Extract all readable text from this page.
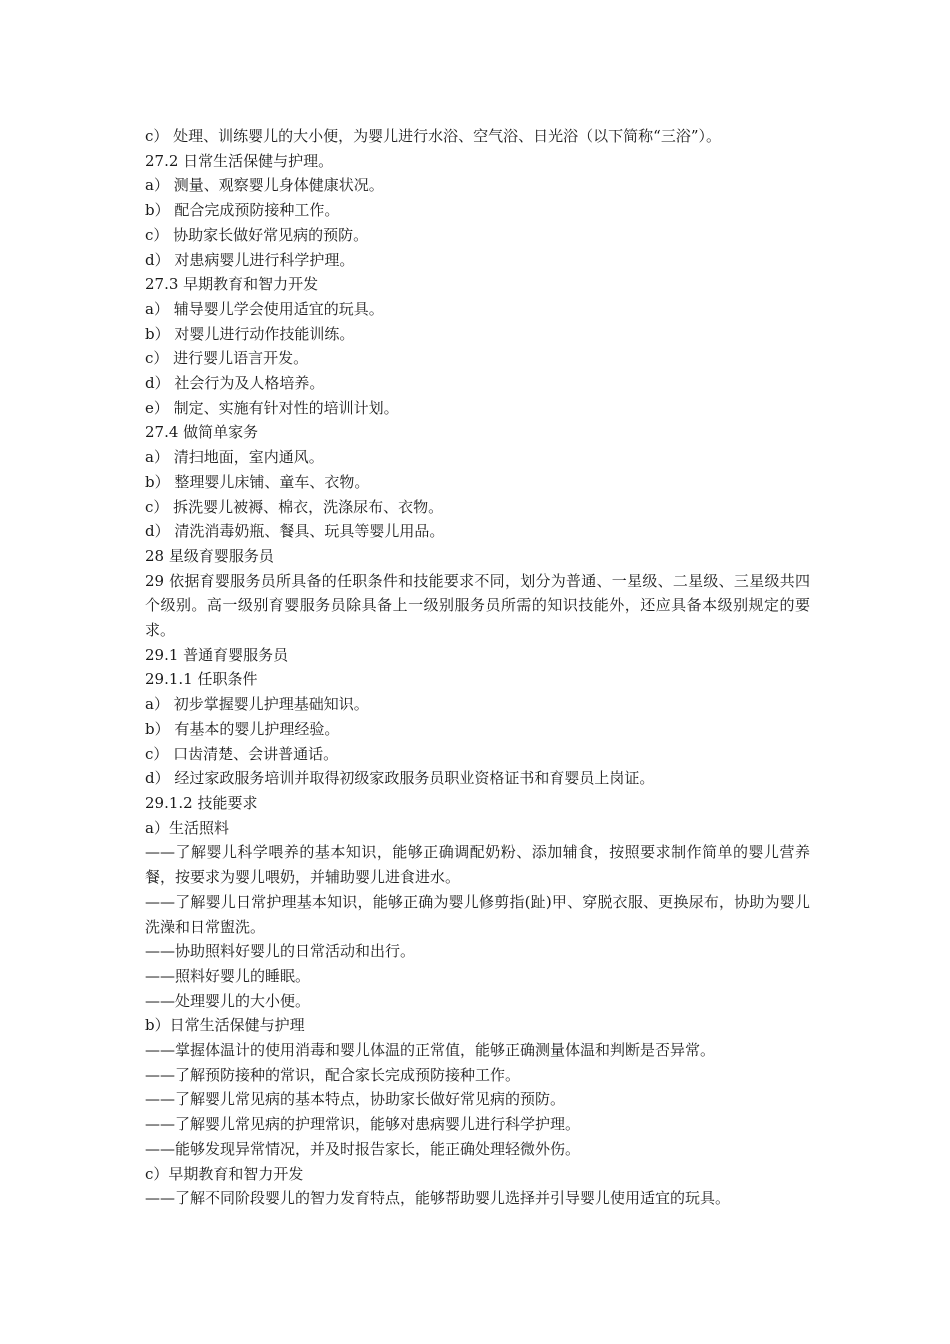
c） 处理、训练婴儿的大小便，为婴儿进行水浴、空气浴、日光浴（以下简称“三浴”）。
27.2 日常生活保健与护理。
a） 测量、观察婴儿身体健康状况。
b） 配合完成预防接种工作。
c） 协助家长做好常见病的预防。
d） 对患病婴儿进行科学护理。
27.3 早期教育和智力开发
a） 辅导婴儿学会使用适宜的玩具。
b） 对婴儿进行动作技能训练。
c） 进行婴儿语言开发。
d） 社会行为及人格培养。
e） 制定、实施有针对性的培训计划。
27.4 做简单家务
a） 清扫地面，室内通风。
b） 整理婴儿床铺、童车、衣物。
c） 拆洗婴儿被褥、棉衣，洗涤尿布、衣物。
d） 清洗消毒奶瓶、餐具、玩具等婴儿用品。
28 星级育婴服务员
29 依据育婴服务员所具备的任职条件和技能要求不同，划分为普通、一星级、二星级、三星级共四个级别。高一级别育婴服务员除具备上一级别服务员所需的知识技能外，还应具备本级别规定的要求。
29.1 普通育婴服务员
29.1.1 任职条件
a） 初步掌握婴儿护理基础知识。
b） 有基本的婴儿护理经验。
c） 口齿清楚、会讲普通话。
d） 经过家政服务培训并取得初级家政服务员职业资格证书和育婴员上岗证。
29.1.2 技能要求
a）生活照料
——了解婴儿科学喂养的基本知识，能够正确调配奶粉、添加辅食，按照要求制作简单的婴儿营养餐，按要求为婴儿喂奶，并辅助婴儿进食进水。
——了解婴儿日常护理基本知识，能够正确为婴儿修剪指(趾)甲、穿脱衣服、更换尿布，协助为婴儿洗澡和日常盥洗。
——协助照料好婴儿的日常活动和出行。
——照料好婴儿的睡眠。
——处理婴儿的大小便。
b）日常生活保健与护理
——掌握体温计的使用消毒和婴儿体温的正常值，能够正确测量体温和判断是否异常。
——了解预防接种的常识，配合家长完成预防接种工作。
——了解婴儿常见病的基本特点，协助家长做好常见病的预防。
——了解婴儿常见病的护理常识，能够对患病婴儿进行科学护理。
——能够发现异常情况，并及时报告家长，能正确处理轻微外伤。
c）早期教育和智力开发
——了解不同阶段婴儿的智力发育特点，能够帮助婴儿选择并引导婴儿使用适宜的玩具。
